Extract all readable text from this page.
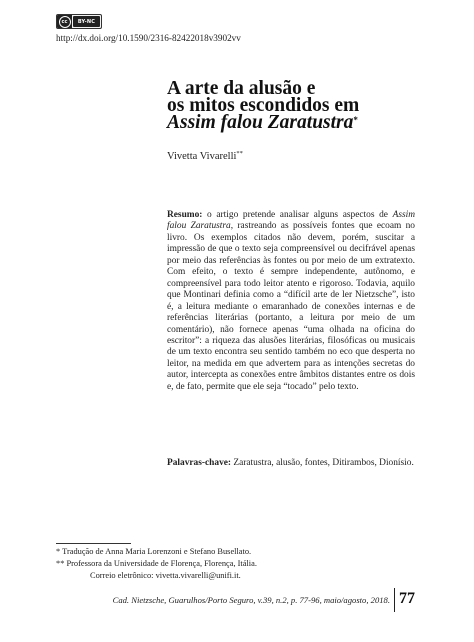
cc	BY-NC
http://dx.doi.org/10.1590/2316-82422018v3902vv
A arte da alusão e
os mitos escondidos em
Assim falou Zaratustra*
Vivetta Vivarelli**

Resumo: o artigo pretende analisar alguns aspectos de Assim falou Zaratustra, rastreando as possíveis fontes que ecoam no livro. Os exemplos citados não devem, porém, suscitar a impressão de que o texto seja compreensível ou decifrável apenas por meio das referências às fontes ou por meio de um extratexto. Com efeito, o texto é sempre independente, autônomo, e compreensível para todo leitor atento e rigoroso. Todavia, aquilo que Montinari definia como a “difícil arte de ler Nietzsche”, isto é, a leitura mediante o emaranhado de conexões internas e de referências literárias (portanto, a leitura por meio de um comentário), não fornece apenas “uma olhada na oficina do escritor”: a riqueza das alusões literárias, filosóficas ou musicais de um texto encontra seu sentido também no eco que desperta no leitor, na medida em que advertem para as intenções secretas do autor, intercepta as conexões entre âmbitos distantes entre os dois e, de fato, permite que ele seja “tocado” pelo texto.

Palavras-chave: Zaratustra, alusão, fontes, Ditirambos, Dionísio.

* Tradução de Anna Maria Lorenzoni e Stefano Busellato.
** Professora da Universidade de Florença, Florença, Itália.
Correio eletrônico: vivetta.vivarelli@unifi.it.
Cad. Nietzsche, Guarulhos/Porto Seguro, v.39, n.2, p. 77-96, maio/agosto, 2018. 77
